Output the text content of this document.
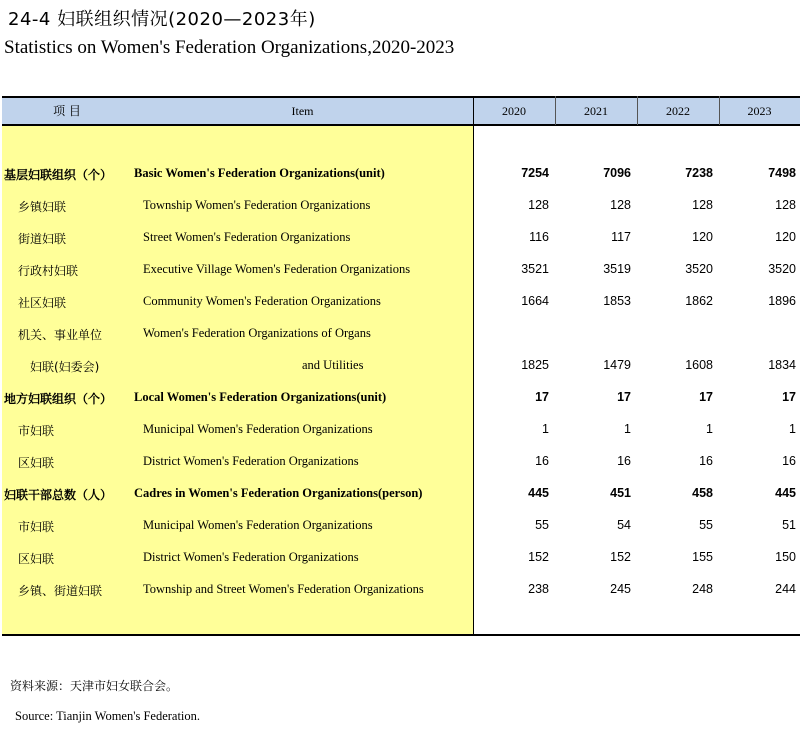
24-4 妇联组织情况(2020—2023年)
Statistics on Women's Federation Organizations,2020-2023
项 目	Item	2020	2021	2022	2023
基层妇联组织（个） Basic Women's Federation Organizations(unit)	7254	7096	7238	7498
乡镇妇联	Township Women's Federation Organizations	128	128	128	128
街道妇联	Street Women's Federation Organizations	116	117	120	120
行政村妇联	Executive Village Women's Federation Organizations	3521	3519	3520	3520
社区妇联	Community Women's Federation Organizations	1664	1853	1862	1896
机关、事业单位	Women's Federation Organizations of Organs
妇联(妇委会)	and Utilities	1825	1479	1608	1834
地方妇联组织（个） Local Women's Federation Organizations(unit)	17	17	17	17
市妇联	Municipal Women's Federation Organizations	1	1	1	1
区妇联	District Women's Federation Organizations	16	16	16	16
妇联干部总数（人） Cadres in Women's Federation Organizations(person)	445	451	458	445
市妇联	Municipal Women's Federation Organizations	55	54	55	51
区妇联	District Women's Federation Organizations	152	152	155	150
乡镇、街道妇联	Township and Street Women's Federation Organizations	238	245	248	244
资料来源：天津市妇女联合会。
Source: Tianjin Women's Federation.
